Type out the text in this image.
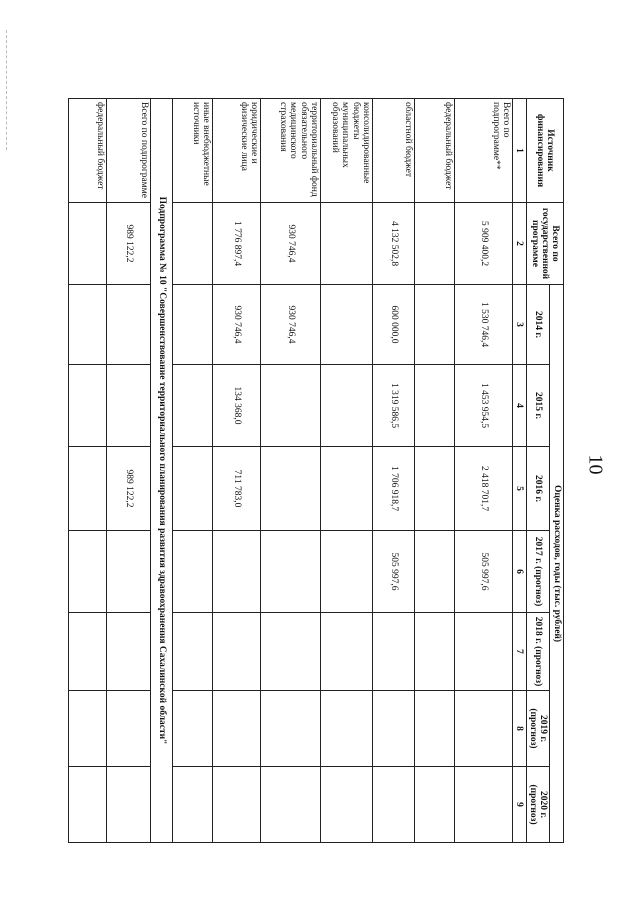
10
Источник финансирования	Всего по государственной программе	Оценка расходов, годы (тыс. рублей)						
		2014 г.	2015 г.	2016 г.	2017 г. (прогноз)	2018 г. (прогноз)	2019 г. (прогноз)	2020 г. (прогноз)
1	2	3	4	5	6	7	8	9
Всего по подпрограмме**	5 909 400,2	1 530 746,4	1 453 954,5	2 418 701,7	505 997,6			
федеральный бюджет								
областной бюджет	4 132 502,8	600 000,0	1 319 586,5	1 706 918,7	505 997,6			
консолидированные бюджеты муниципальных образований								
территориальный фонд обязательного медицинского страхования	930 746,4	930 746,4						
юридические и физические лица	1 776 897,4	930 746,4	134 368,0	711 783,0				
иные внебюджетные источники								
Подпрограмма № 10 "Совершенствование территориального планирования развития здравоохранения Сахалинской области"								
Всего по подпрограмме	989 122,2			989 122,2				
федеральный бюджет								
